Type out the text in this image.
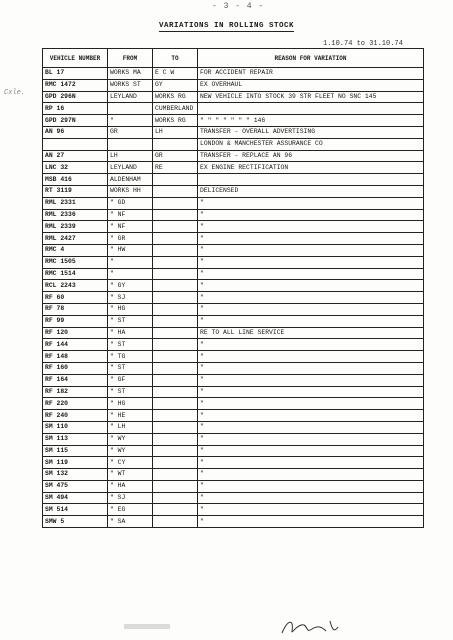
- 3 - 4 -
VARIATIONS IN ROLLING STOCK
1.10.74 to 31.10.74
Cxle.
VEHICLE NUMBER	FROM	TO	REASON FOR VARIATION
BL 17	WORKS MA	E C W	FOR ACCIDENT REPAIR
RMC 1472	WORKS ST	GY	EX OVERHAUL
GPD 296N	LEYLAND	WORKS RG	NEW VEHICLE INTO STOCK 39 STR FLEET NO SNC 145
RP 16		CUMBERLAND	
GPD 297N	"	WORKS RG	" " " " " " " 146
AN 96	GR	LH	TRANSFER - OVERALL ADVERTISING
			LONDON & MANCHESTER ASSURANCE CO
AN 27	LH	GR	TRANSFER - REPLACE AN 96
LNC 32	LEYLAND	RE	EX ENGINE RECTIFICATION
MSB 416	ALDENHAM		
RT 3119	WORKS HH		DELICENSED
RML 2331	" GD		"
RML 2336	" NF		"
RML 2339	" NF		"
RML 2427	" GR		"
RMC 4	" HW		"
RMC 1505	"		"
RMC 1514	"		"
RCL 2243	" GY		"
RF 60	" SJ		"
RF 78	" HG		"
RF 99	" ST		"
RF 120	" HA		RE TO ALL LINE SERVICE
RF 144	" ST		"
RF 148	" TG		"
RF 160	" ST		"
RF 164	" GF		"
RF 182	" ST		"
RF 220	" HG		"
RF 240	" HE		"
SM 110	" LH		"
SM 113	" WY		"
SM 115	" WY		"
SM 119	" CY		"
SM 132	" WT		"
SM 475	" HA		"
SM 494	" SJ		"
SM 514	" EG		"
SMW 5	" SA		"
